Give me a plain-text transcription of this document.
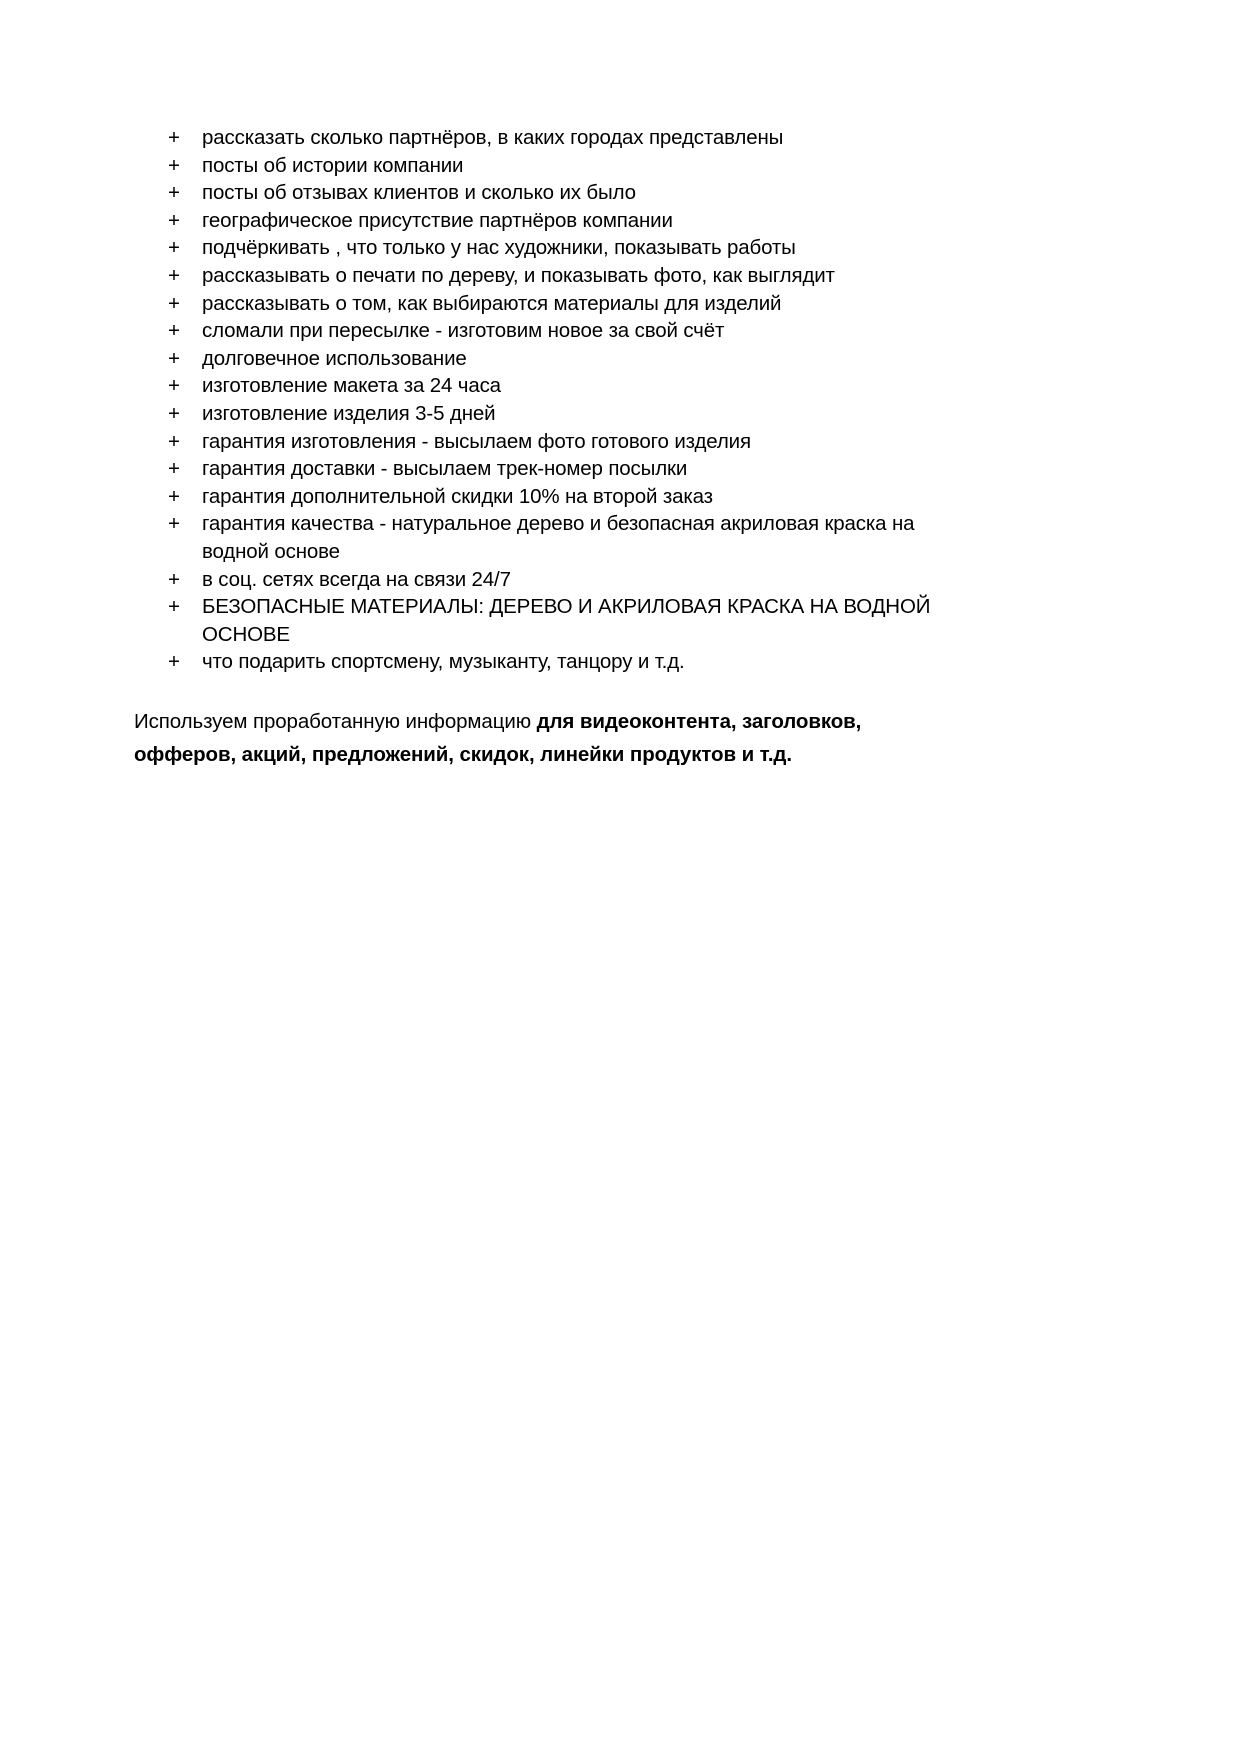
+ рассказать сколько партнёров, в каких городах представлены
+ посты об истории компании
+ посты об отзывах клиентов и сколько их было
+ географическое присутствие партнёров компании
+ подчёркивать , что только у нас художники, показывать работы
+ рассказывать о печати по дереву, и показывать фото, как выглядит
+ рассказывать о том, как выбираются материалы для изделий
+ сломали при пересылке - изготовим новое за свой счёт
+ долговечное использование
+ изготовление макета за 24 часа
+ изготовление изделия 3-5 дней
+ гарантия изготовления - высылаем фото готового изделия
+ гарантия доставки - высылаем трек-номер посылки
+ гарантия дополнительной скидки 10% на второй заказ
+ гарантия качества - натуральное дерево и безопасная акриловая краска на водной основе
+ в соц. сетях всегда на связи 24/7
+ БЕЗОПАСНЫЕ МАТЕРИАЛЫ: ДЕРЕВО И АКРИЛОВАЯ КРАСКА НА ВОДНОЙ ОСНОВЕ
+ что подарить спортсмену, музыканту, танцору и т.д.

Используем проработанную информацию для видеоконтента, заголовков, офферов, акций, предложений, скидок, линейки продуктов и т.д.
